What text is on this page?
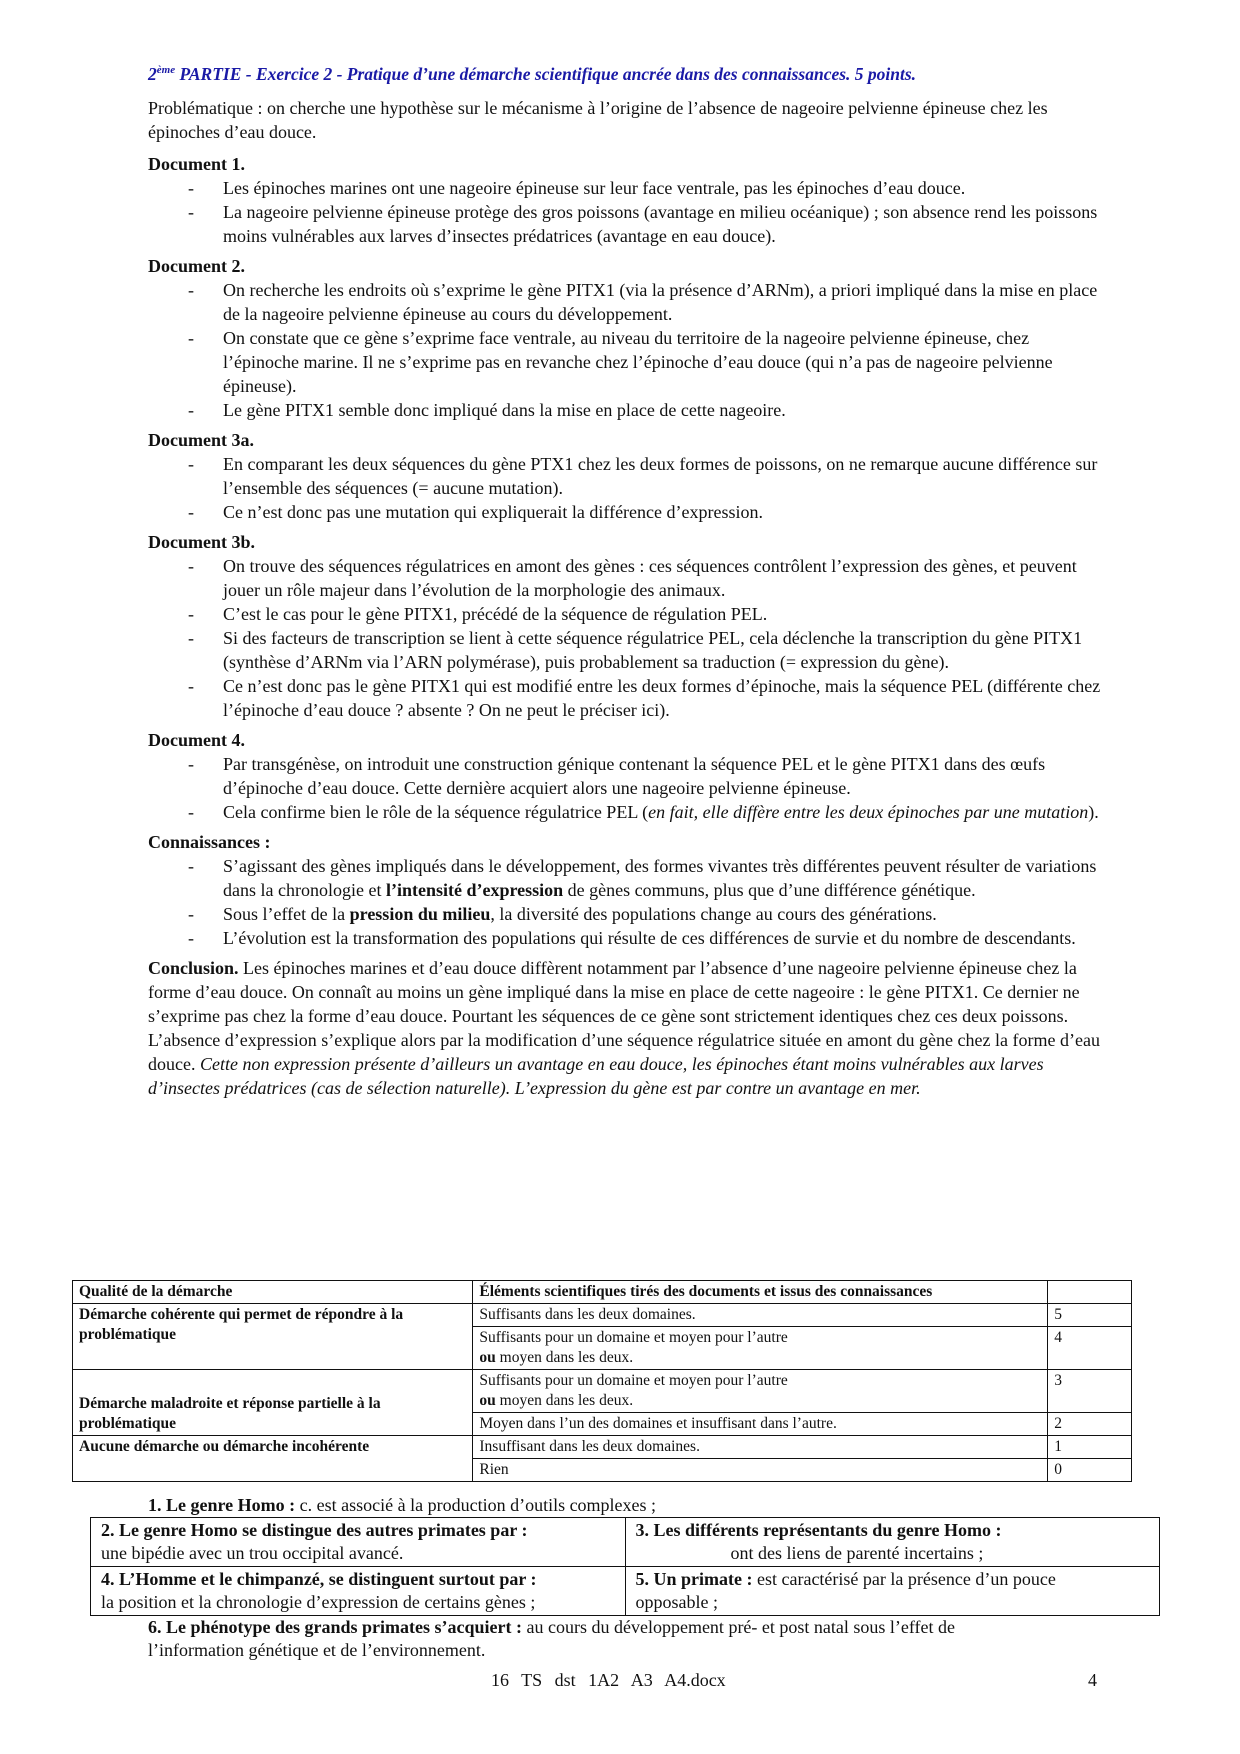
2ème PARTIE - Exercice 2 - Pratique d’une démarche scientifique ancrée dans des connaissances. 5 points.

Problématique : on cherche une hypothèse sur le mécanisme à l’origine de l’absence de nageoire pelvienne épineuse chez les épinoches d’eau douce.

Document 1.

- Les épinoches marines ont une nageoire épineuse sur leur face ventrale, pas les épinoches d’eau douce.
- La nageoire pelvienne épineuse protège des gros poissons (avantage en milieu océanique) ; son absence rend les poissons moins vulnérables aux larves d’insectes prédatrices (avantage en eau douce).

Document 2.

- On recherche les endroits où s’exprime le gène PITX1 (via la présence d’ARNm), a priori impliqué dans la mise en place de la nageoire pelvienne épineuse au cours du développement.
- On constate que ce gène s’exprime face ventrale, au niveau du territoire de la nageoire pelvienne épineuse, chez l’épinoche marine. Il ne s’exprime pas en revanche chez l’épinoche d’eau douce (qui n’a pas de nageoire pelvienne épineuse).
- Le gène PITX1 semble donc impliqué dans la mise en place de cette nageoire.

Document 3a.

- En comparant les deux séquences du gène PTX1 chez les deux formes de poissons, on ne remarque aucune différence sur l’ensemble des séquences (= aucune mutation).
- Ce n’est donc pas une mutation qui expliquerait la différence d’expression.

Document 3b.

- On trouve des séquences régulatrices en amont des gènes : ces séquences contrôlent l’expression des gènes, et peuvent jouer un rôle majeur dans l’évolution de la morphologie des animaux.
- C’est le cas pour le gène PITX1, précédé de la séquence de régulation PEL.
- Si des facteurs de transcription se lient à cette séquence régulatrice PEL, cela déclenche la transcription du gène PITX1 (synthèse d’ARNm via l’ARN polymérase), puis probablement sa traduction (= expression du gène).
- Ce n’est donc pas le gène PITX1 qui est modifié entre les deux formes d’épinoche, mais la séquence PEL (différente chez l’épinoche d’eau douce ? absente ? On ne peut le préciser ici).

Document 4.

- Par transgénèse, on introduit une construction génique contenant la séquence PEL et le gène PITX1 dans des œufs d’épinoche d’eau douce. Cette dernière acquiert alors une nageoire pelvienne épineuse.
- Cela confirme bien le rôle de la séquence régulatrice PEL (en fait, elle diffère entre les deux épinoches par une mutation).

Connaissances :

- S’agissant des gènes impliqués dans le développement, des formes vivantes très différentes peuvent résulter de variations dans la chronologie et l’intensité d’expression de gènes communs, plus que d’une différence génétique.
- Sous l’effet de la pression du milieu, la diversité des populations change au cours des générations.
- L’évolution est la transformation des populations qui résulte de ces différences de survie et du nombre de descendants.

Conclusion. Les épinoches marines et d’eau douce diffèrent notamment par l’absence d’une nageoire pelvienne épineuse chez la forme d’eau douce. On connaît au moins un gène impliqué dans la mise en place de cette nageoire : le gène PITX1. Ce dernier ne s’exprime pas chez la forme d’eau douce. Pourtant les séquences de ce gène sont strictement identiques chez ces deux poissons. L’absence d’expression s’explique alors par la modification d’une séquence régulatrice située en amont du gène chez la forme d’eau douce. Cette non expression présente d’ailleurs un avantage en eau douce, les épinoches étant moins vulnérables aux larves d’insectes prédatrices (cas de sélection naturelle). L’expression du gène est par contre un avantage en mer.

Qualité de la démarche	Éléments scientifiques tirés des documents et issus des connaissances	
Démarche cohérente qui permet de répondre à la problématique	Suffisants dans les deux domaines.	5
	Suffisants pour un domaine et moyen pour l’autre
ou moyen dans les deux.	4
Démarche maladroite et réponse partielle à la problématique	Suffisants pour un domaine et moyen pour l’autre
ou moyen dans les deux.	3
	Moyen dans l’un des domaines et insuffisant dans l’autre.	2
Aucune démarche ou démarche incohérente	Insuffisant dans les deux domaines.	1
	Rien	0

1. Le genre Homo : c. est associé à la production d’outils complexes ;

2. Le genre Homo se distingue des autres primates par :
une bipédie avec un trou occipital avancé.	3. Les différents représentants du genre Homo :
ont des liens de parenté incertains ;
4. L’Homme et le chimpanzé, se distinguent surtout par :
la position et la chronologie d’expression de certains gènes ;	5. Un primate : est caractérisé par la présence d’un pouce
opposable ;

6. Le phénotype des grands primates s’acquiert : au cours du développement pré- et post natal sous l’effet de

l’information génétique et de l’environnement.

16 TS dst 1A2 A3 A4.docx	4
